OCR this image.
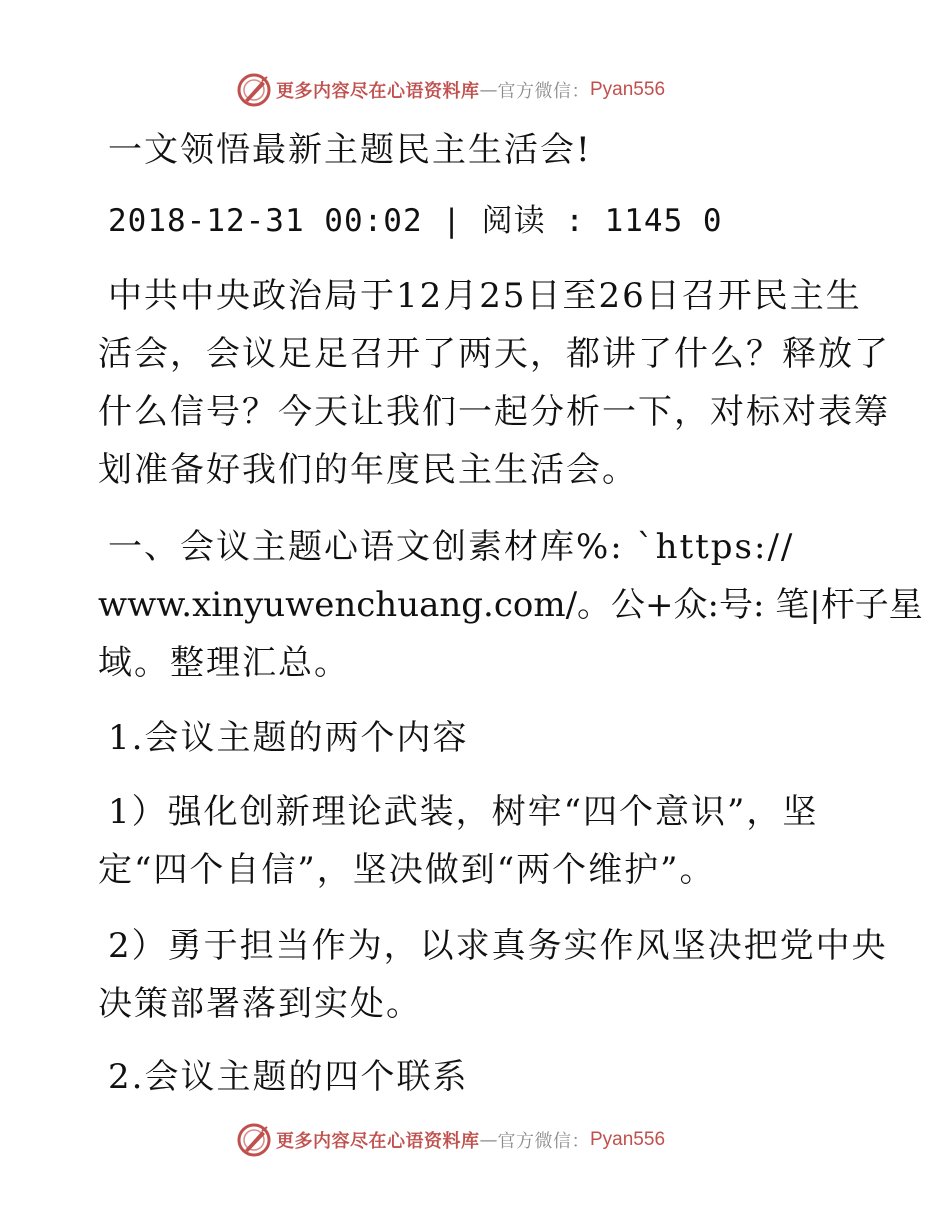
更多内容尽在心语资料库 — 官方微信： Pyan556

一文领悟最新主题民主生活会!

2018-12-31 00:02 | 阅读 : 1145 0

中共中央政治局于12月25日至26日召开民主生

活会，会议足足召开了两天，都讲了什么？释放了

什么信号？今天让我们一起分析一下，对标对表筹

划准备好我们的年度民主生活会。

一、会议主题心语文创素材库%: `https://

www.xinyuwenchuang.com/。公+众:号: 笔|杆子星

域。整理汇总。

1.会议主题的两个内容

1）强化创新理论武装，树牢“四个意识”，坚

定“四个自信”，坚决做到“两个维护”。

2）勇于担当作为，以求真务实作风坚决把党中央

决策部署落到实处。

2.会议主题的四个联系

更多内容尽在心语资料库 — 官方微信： Pyan556
